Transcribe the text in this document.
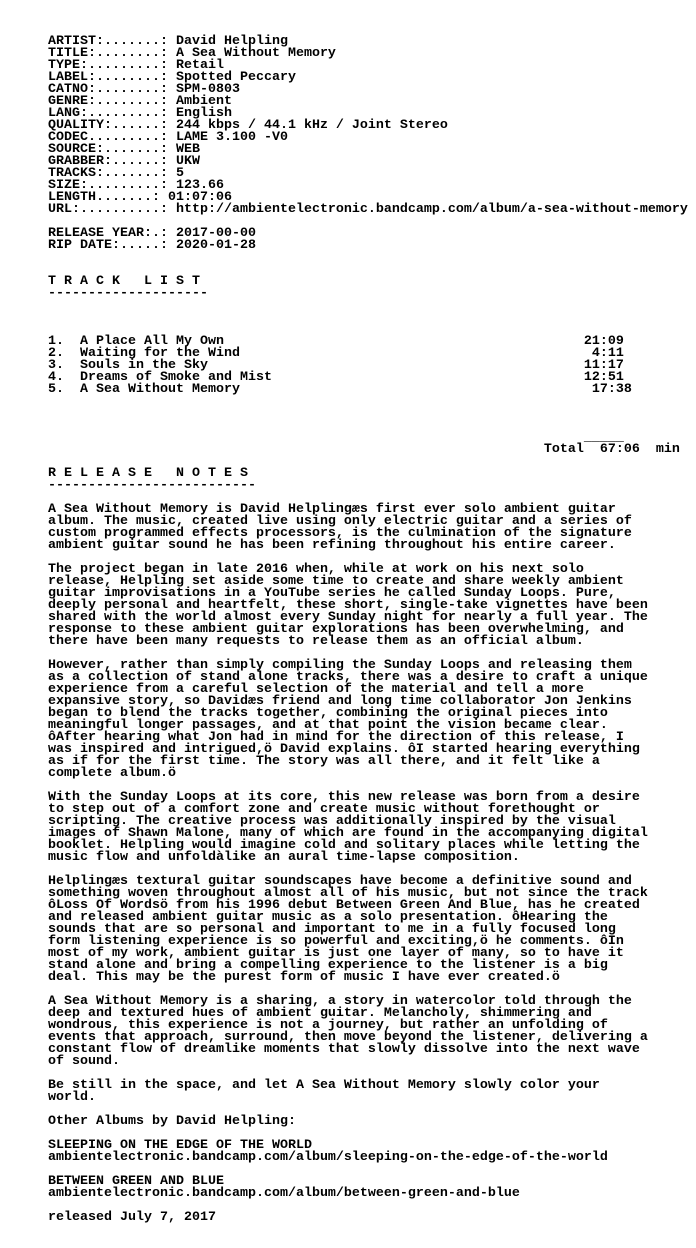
ARTIST:.......: David Helpling
TITLE:........: A Sea Without Memory
TYPE:.........: Retail
LABEL:........: Spotted Peccary
CATNO:........: SPM-0803
GENRE:........: Ambient
LANG:.........: English
QUALITY:......: 244 kbps / 44.1 kHz / Joint Stereo
CODEC.........: LAME 3.100 -V0
SOURCE:.......: WEB
GRABBER:......: UKW
TRACKS:.......: 5
SIZE:.........: 123.66
LENGTH.......: 01:07:06
URL:..........: http://ambientelectronic.bandcamp.com/album/a-sea-without-memory

RELEASE YEAR:.: 2017-00-00
RIP DATE:.....: 2020-01-28

T R A C K   L I S T
--------------------

1.  A Place All My Own                                             21:09
2.  Waiting for the Wind                                            4:11
3.  Souls in the Sky                                               11:17
4.  Dreams of Smoke and Mist                                       12:51
5.  A Sea Without Memory                                            17:38

_____
Total  67:06  min

R E L E A S E   N O T E S
--------------------------

A Sea Without Memory is David Helplingæs first ever solo ambient guitar
album. The music, created live using only electric guitar and a series of
custom programmed effects processors, is the culmination of the signature
ambient guitar sound he has been refining throughout his entire career.

The project began in late 2016 when, while at work on his next solo
release, Helpling set aside some time to create and share weekly ambient
guitar improvisations in a YouTube series he called Sunday Loops. Pure,
deeply personal and heartfelt, these short, single-take vignettes have been
shared with the world almost every Sunday night for nearly a full year. The
response to these ambient guitar explorations has been overwhelming, and
there have been many requests to release them as an official album.

However, rather than simply compiling the Sunday Loops and releasing them
as a collection of stand alone tracks, there was a desire to craft a unique
experience from a careful selection of the material and tell a more
expansive story, so Davidæs friend and long time collaborator Jon Jenkins
began to blend the tracks together, combining the original pieces into
meaningful longer passages, and at that point the vision became clear.
ôAfter hearing what Jon had in mind for the direction of this release, I
was inspired and intrigued,ö David explains. ôI started hearing everything
as if for the first time. The story was all there, and it felt like a
complete album.ö

With the Sunday Loops at its core, this new release was born from a desire
to step out of a comfort zone and create music without forethought or
scripting. The creative process was additionally inspired by the visual
images of Shawn Malone, many of which are found in the accompanying digital
booklet. Helpling would imagine cold and solitary places while letting the
music flow and unfoldàlike an aural time-lapse composition.

Helplingæs textural guitar soundscapes have become a definitive sound and
something woven throughout almost all of his music, but not since the track
ôLoss Of Wordsö from his 1996 debut Between Green And Blue, has he created
and released ambient guitar music as a solo presentation. ôHearing the
sounds that are so personal and important to me in a fully focused long
form listening experience is so powerful and exciting,ö he comments. ôIn
most of my work, ambient guitar is just one layer of many, so to have it
stand alone and bring a compelling experience to the listener is a big
deal. This may be the purest form of music I have ever created.ö

A Sea Without Memory is a sharing, a story in watercolor told through the
deep and textured hues of ambient guitar. Melancholy, shimmering and
wondrous, this experience is not a journey, but rather an unfolding of
events that approach, surround, then move beyond the listener, delivering a
constant flow of dreamlike moments that slowly dissolve into the next wave
of sound.

Be still in the space, and let A Sea Without Memory slowly color your
world.

Other Albums by David Helpling:

SLEEPING ON THE EDGE OF THE WORLD
ambientelectronic.bandcamp.com/album/sleeping-on-the-edge-of-the-world

BETWEEN GREEN AND BLUE
ambientelectronic.bandcamp.com/album/between-green-and-blue

released July 7, 2017
